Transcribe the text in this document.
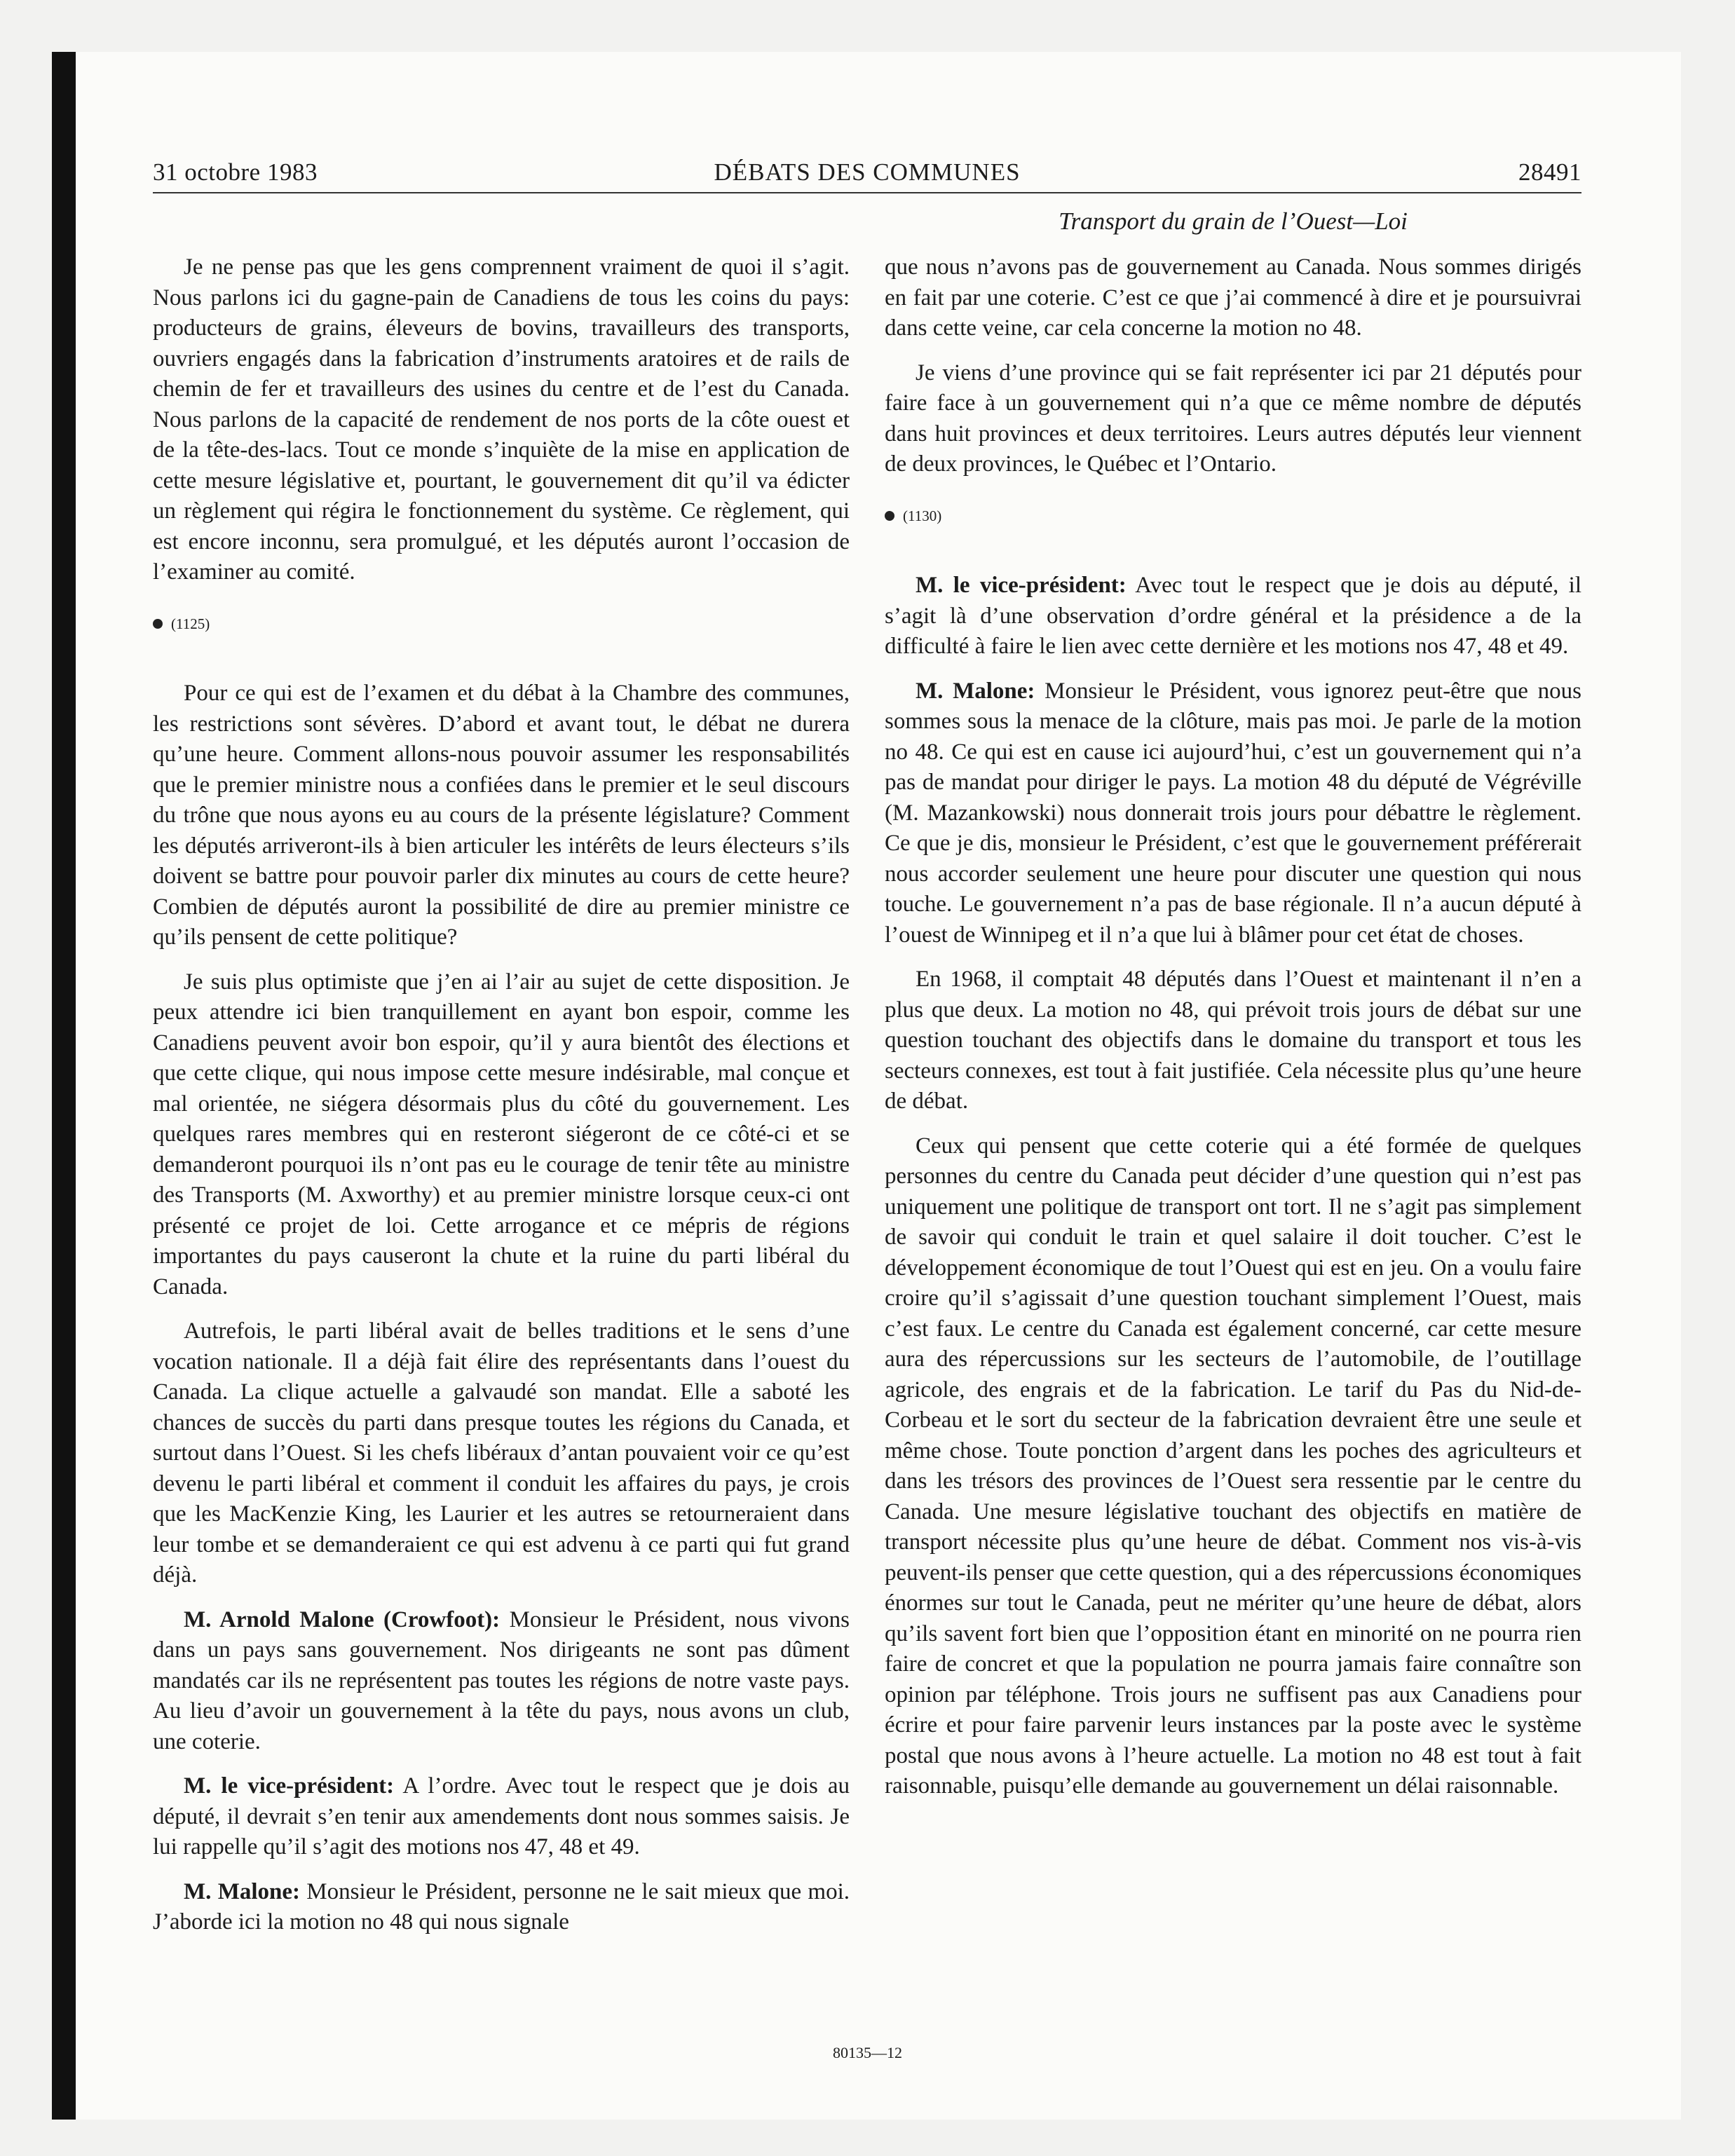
31 octobre 1983	DÉBATS DES COMMUNES	28491
Transport du grain de l’Ouest—Loi

Je ne pense pas que les gens comprennent vraiment de quoi il s’agit. Nous parlons ici du gagne-pain de Canadiens de tous les coins du pays: producteurs de grains, éleveurs de bovins, travailleurs des transports, ouvriers engagés dans la fabrication d’instruments aratoires et de rails de chemin de fer et travailleurs des usines du centre et de l’est du Canada. Nous parlons de la capacité de rendement de nos ports de la côte ouest et de la tête-des-lacs. Tout ce monde s’inquiète de la mise en application de cette mesure législative et, pourtant, le gouvernement dit qu’il va édicter un règlement qui régira le fonctionnement du système. Ce règlement, qui est encore inconnu, sera promulgué, et les députés auront l’occasion de l’examiner au comité.

(1125)

Pour ce qui est de l’examen et du débat à la Chambre des communes, les restrictions sont sévères. D’abord et avant tout, le débat ne durera qu’une heure. Comment allons-nous pouvoir assumer les responsabilités que le premier ministre nous a confiées dans le premier et le seul discours du trône que nous ayons eu au cours de la présente législature? Comment les députés arriveront-ils à bien articuler les intérêts de leurs électeurs s’ils doivent se battre pour pouvoir parler dix minutes au cours de cette heure? Combien de députés auront la possibilité de dire au premier ministre ce qu’ils pensent de cette politique?

Je suis plus optimiste que j’en ai l’air au sujet de cette disposition. Je peux attendre ici bien tranquillement en ayant bon espoir, comme les Canadiens peuvent avoir bon espoir, qu’il y aura bientôt des élections et que cette clique, qui nous impose cette mesure indésirable, mal conçue et mal orientée, ne siégera désormais plus du côté du gouvernement. Les quelques rares membres qui en resteront siégeront de ce côté-ci et se demanderont pourquoi ils n’ont pas eu le courage de tenir tête au ministre des Transports (M. Axworthy) et au premier ministre lorsque ceux-ci ont présenté ce projet de loi. Cette arrogance et ce mépris de régions importantes du pays causeront la chute et la ruine du parti libéral du Canada.

Autrefois, le parti libéral avait de belles traditions et le sens d’une vocation nationale. Il a déjà fait élire des représentants dans l’ouest du Canada. La clique actuelle a galvaudé son mandat. Elle a saboté les chances de succès du parti dans presque toutes les régions du Canada, et surtout dans l’Ouest. Si les chefs libéraux d’antan pouvaient voir ce qu’est devenu le parti libéral et comment il conduit les affaires du pays, je crois que les MacKenzie King, les Laurier et les autres se retourneraient dans leur tombe et se demanderaient ce qui est advenu à ce parti qui fut grand déjà.

M. Arnold Malone (Crowfoot): Monsieur le Président, nous vivons dans un pays sans gouvernement. Nos dirigeants ne sont pas dûment mandatés car ils ne représentent pas toutes les régions de notre vaste pays. Au lieu d’avoir un gouvernement à la tête du pays, nous avons un club, une coterie.

M. le vice-président: A l’ordre. Avec tout le respect que je dois au député, il devrait s’en tenir aux amendements dont nous sommes saisis. Je lui rappelle qu’il s’agit des motions nos 47, 48 et 49.

M. Malone: Monsieur le Président, personne ne le sait mieux que moi. J’aborde ici la motion no 48 qui nous signale

que nous n’avons pas de gouvernement au Canada. Nous sommes dirigés en fait par une coterie. C’est ce que j’ai commencé à dire et je poursuivrai dans cette veine, car cela concerne la motion no 48.

Je viens d’une province qui se fait représenter ici par 21 députés pour faire face à un gouvernement qui n’a que ce même nombre de députés dans huit provinces et deux territoires. Leurs autres députés leur viennent de deux provinces, le Québec et l’Ontario.

(1130)

M. le vice-président: Avec tout le respect que je dois au député, il s’agit là d’une observation d’ordre général et la présidence a de la difficulté à faire le lien avec cette dernière et les motions nos 47, 48 et 49.

M. Malone: Monsieur le Président, vous ignorez peut-être que nous sommes sous la menace de la clôture, mais pas moi. Je parle de la motion no 48. Ce qui est en cause ici aujourd’hui, c’est un gouvernement qui n’a pas de mandat pour diriger le pays. La motion 48 du député de Végréville (M. Mazankowski) nous donnerait trois jours pour débattre le règlement. Ce que je dis, monsieur le Président, c’est que le gouvernement préférerait nous accorder seulement une heure pour discuter une question qui nous touche. Le gouvernement n’a pas de base régionale. Il n’a aucun député à l’ouest de Winnipeg et il n’a que lui à blâmer pour cet état de choses.

En 1968, il comptait 48 députés dans l’Ouest et maintenant il n’en a plus que deux. La motion no 48, qui prévoit trois jours de débat sur une question touchant des objectifs dans le domaine du transport et tous les secteurs connexes, est tout à fait justifiée. Cela nécessite plus qu’une heure de débat.

Ceux qui pensent que cette coterie qui a été formée de quelques personnes du centre du Canada peut décider d’une question qui n’est pas uniquement une politique de transport ont tort. Il ne s’agit pas simplement de savoir qui conduit le train et quel salaire il doit toucher. C’est le développement économique de tout l’Ouest qui est en jeu. On a voulu faire croire qu’il s’agissait d’une question touchant simplement l’Ouest, mais c’est faux. Le centre du Canada est également concerné, car cette mesure aura des répercussions sur les secteurs de l’automobile, de l’outillage agricole, des engrais et de la fabrication. Le tarif du Pas du Nid-de-Corbeau et le sort du secteur de la fabrication devraient être une seule et même chose. Toute ponction d’argent dans les poches des agriculteurs et dans les trésors des provinces de l’Ouest sera ressentie par le centre du Canada. Une mesure législative touchant des objectifs en matière de transport nécessite plus qu’une heure de débat. Comment nos vis-à-vis peuvent-ils penser que cette question, qui a des répercussions économiques énormes sur tout le Canada, peut ne mériter qu’une heure de débat, alors qu’ils savent fort bien que l’opposition étant en minorité on ne pourra rien faire de concret et que la population ne pourra jamais faire connaître son opinion par téléphone. Trois jours ne suffisent pas aux Canadiens pour écrire et pour faire parvenir leurs instances par la poste avec le système postal que nous avons à l’heure actuelle. La motion no 48 est tout à fait raisonnable, puisqu’elle demande au gouvernement un délai raisonnable.

80135—12
